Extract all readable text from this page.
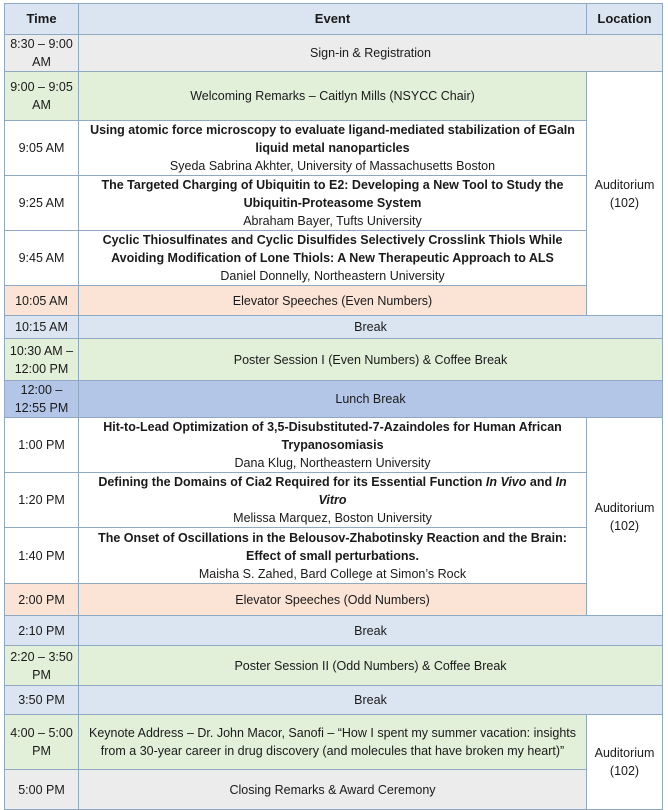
Time	Event	Location
8:30 – 9:00 AM	Sign-in & Registration	
9:00 – 9:05 AM	Welcoming Remarks – Caitlyn Mills (NSYCC Chair)	Auditorium (102)
9:05 AM	Using atomic force microscopy to evaluate ligand-mediated stabilization of EGaIn liquid metal nanoparticles
Syeda Sabrina Akhter, University of Massachusetts Boston	

9:25 AM	The Targeted Charging of Ubiquitin to E2: Developing a New Tool to Study the Ubiquitin-Proteasome System
Abraham Bayer, Tufts University	

9:45 AM	Cyclic Thiosulfinates and Cyclic Disulfides Selectively Crosslink Thiols While Avoiding Modification of Lone Thiols: A New Therapeutic Approach to ALS
Daniel Donnelly, Northeastern University	

10:05 AM	Elevator Speeches (Even Numbers)	
10:15 AM	Break	
10:30 AM – 12:00 PM	Poster Session I (Even Numbers) & Coffee Break	
12:00 – 12:55 PM	Lunch Break	
1:00 PM	Hit-to-Lead Optimization of 3,5-Disubstituted-7-Azaindoles for Human African Trypanosomiasis
Dana Klug, Northeastern University	Auditorium (102)
1:20 PM	Defining the Domains of Cia2 Required for its Essential Function In Vivo and In Vitro
Melissa Marquez, Boston University	

1:40 PM	The Onset of Oscillations in the Belousov-Zhabotinsky Reaction and the Brain: Effect of small perturbations.
Maisha S. Zahed, Bard College at Simon’s Rock	

2:00 PM	Elevator Speeches (Odd Numbers)	
2:10 PM	Break	
2:20 – 3:50 PM	Poster Session II (Odd Numbers) & Coffee Break	
3:50 PM	Break	
4:00 – 5:00 PM	Keynote Address – Dr. John Macor, Sanofi – “How I spent my summer vacation: insights from a 30-year career in drug discovery (and molecules that have broken my heart)”	Auditorium (102)
5:00 PM	Closing Remarks & Award Ceremony	
